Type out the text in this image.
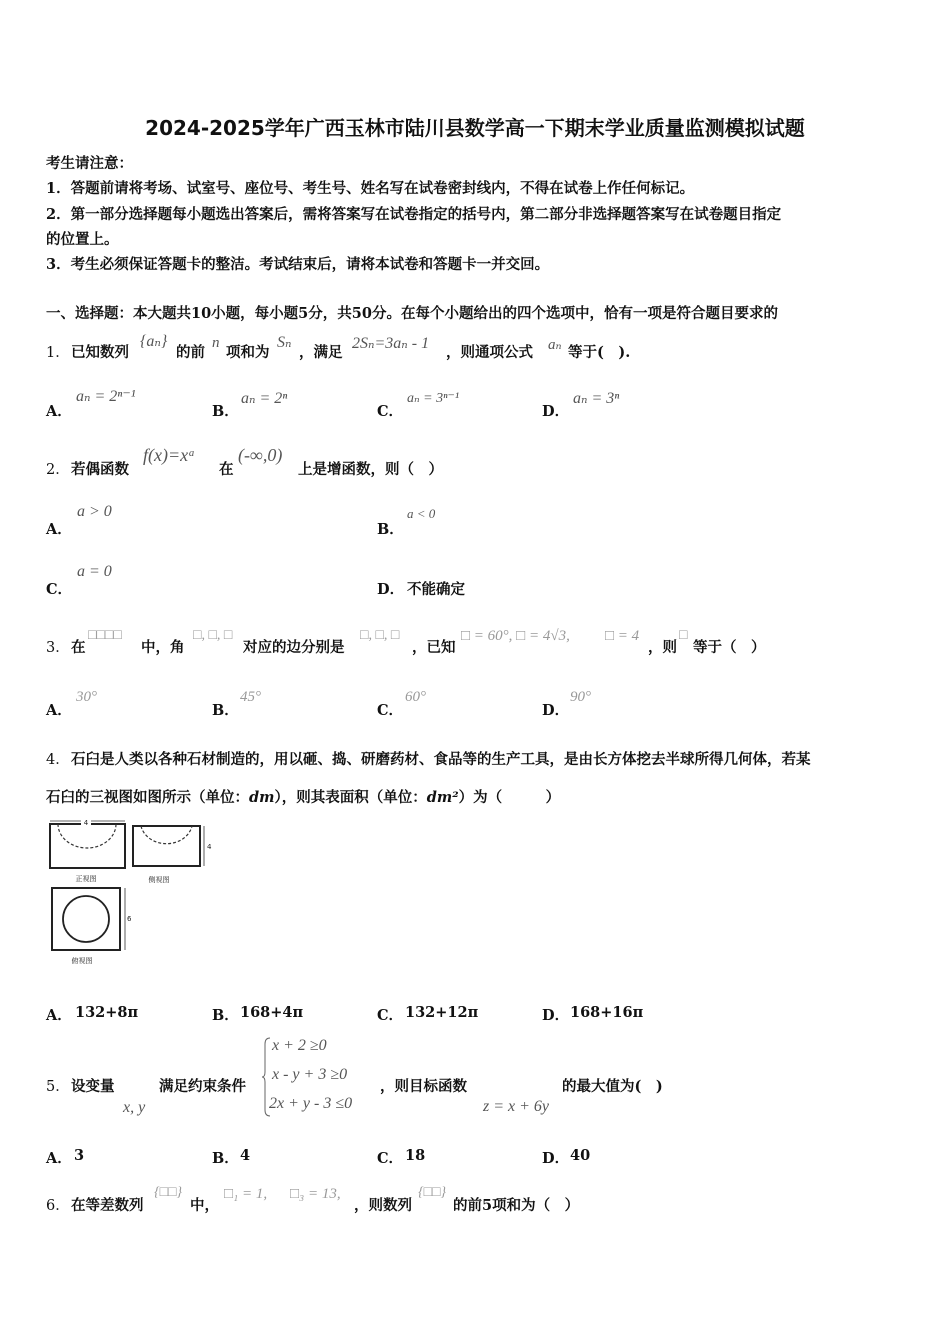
2024-2025学年广西玉林市陆川县数学高一下期末学业质量监测模拟试题
考生请注意：
1．答题前请将考场、试室号、座位号、考生号、姓名写在试卷密封线内，不得在试卷上作任何标记。
2．第一部分选择题每小题选出答案后，需将答案写在试卷指定的括号内，第二部分非选择题答案写在试卷题目指定
的位置上。
3．考生必须保证答题卡的整洁。考试结束后，请将本试卷和答题卡一并交回。
一、选择题：本大题共10小题，每小题5分，共50分。在每个小题给出的四个选项中，恰有一项是符合题目要求的
1． 已知数列
{aₙ}
的前
n
项和为
Sₙ
，满足
2Sₙ=3aₙ - 1
，则通项公式 aₙ 等于(　).
A．
aₙ = 2ⁿ⁻¹
B．
aₙ = 2ⁿ
C．
aₙ = 3ⁿ⁻¹
D．
aₙ = 3ⁿ
2． 若偶函数
f(x)=xᵃ
在
(-∞,0)
上是增函数，则（　）
A．
a > 0
B．
a < 0
C．
a = 0
D． 不能确定
3． 在
□□□□
中，角
□, □, □
对应的边分别是
□, □, □
，已知
□ = 60°, □ = 4√3, □ = 4
，则
□
等于（　）
A．
30°
B．
45°
C．
60°
D．
90°
4． 石臼是人类以各种石材制造的，用以砸、捣、研磨药材、食品等的生产工具，是由长方体挖去半球所得几何体，若某
石臼的三视图如图所示（单位：dm），则其表面积（单位：dm²）为（　　　）
4
正视图
4
侧视图
6
俯视图
A． 132+8π	B． 168+4π	C． 132+12π	D． 168+16π
5． 设变量	满足约束条件
x, y
x + 2 ≥0
x - y + 3 ≥0
2x + y - 3 ≤0
，则目标函数
z = x + 6y
的最大值为(　)
A． 3	B． 4	C． 18	D． 40
6． 在等差数列
{□□}
中，
□₁ = 1, □₃ = 13,
，则数列
{□□}
的前5项和为（　）
